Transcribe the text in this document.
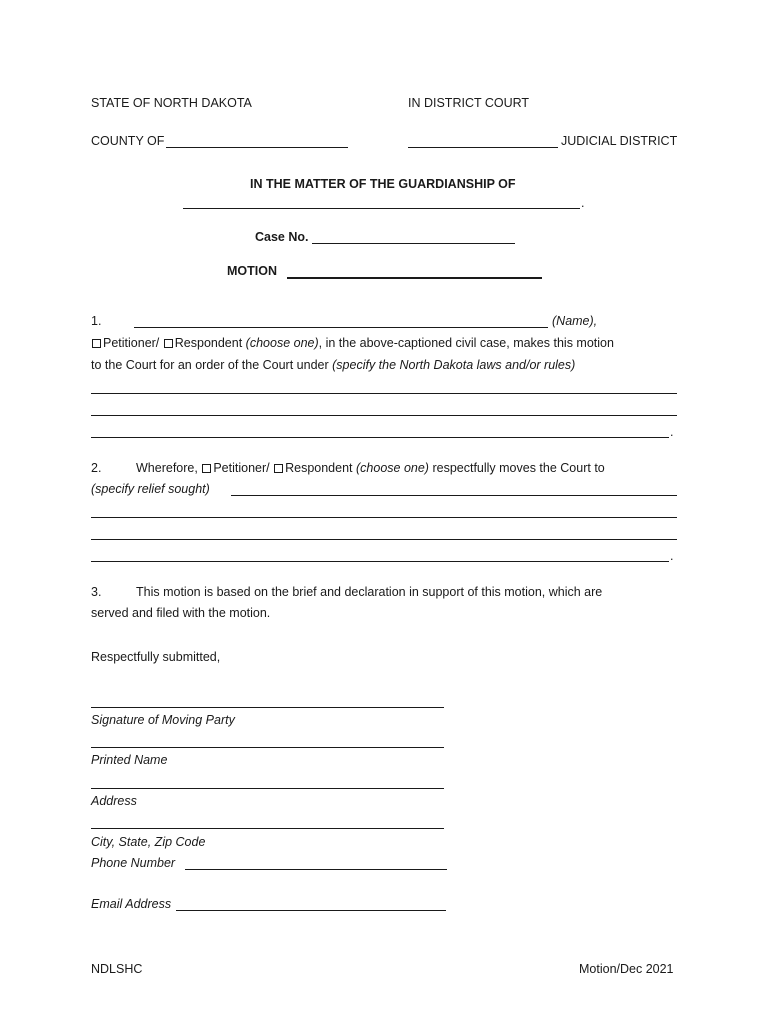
STATE OF NORTH DAKOTA	IN DISTRICT COURT
COUNTY OF	JUDICIAL DISTRICT
IN THE MATTER OF THE GUARDIANSHIP OF
.
Case No.
MOTION
1.	(Name),
Petitioner/ Respondent (choose one), in the above-captioned civil case, makes this motion
to the Court for an order of the Court under (specify the North Dakota laws and/or rules)
.
2.	Wherefore, Petitioner/ Respondent (choose one) respectfully moves the Court to
(specify relief sought)
.
3.	This motion is based on the brief and declaration in support of this motion, which are
served and filed with the motion.
Respectfully submitted,
Signature of Moving Party
Printed Name
Address
City, State, Zip Code
Phone Number
Email Address
NDLSHC	Motion/Dec 2021
